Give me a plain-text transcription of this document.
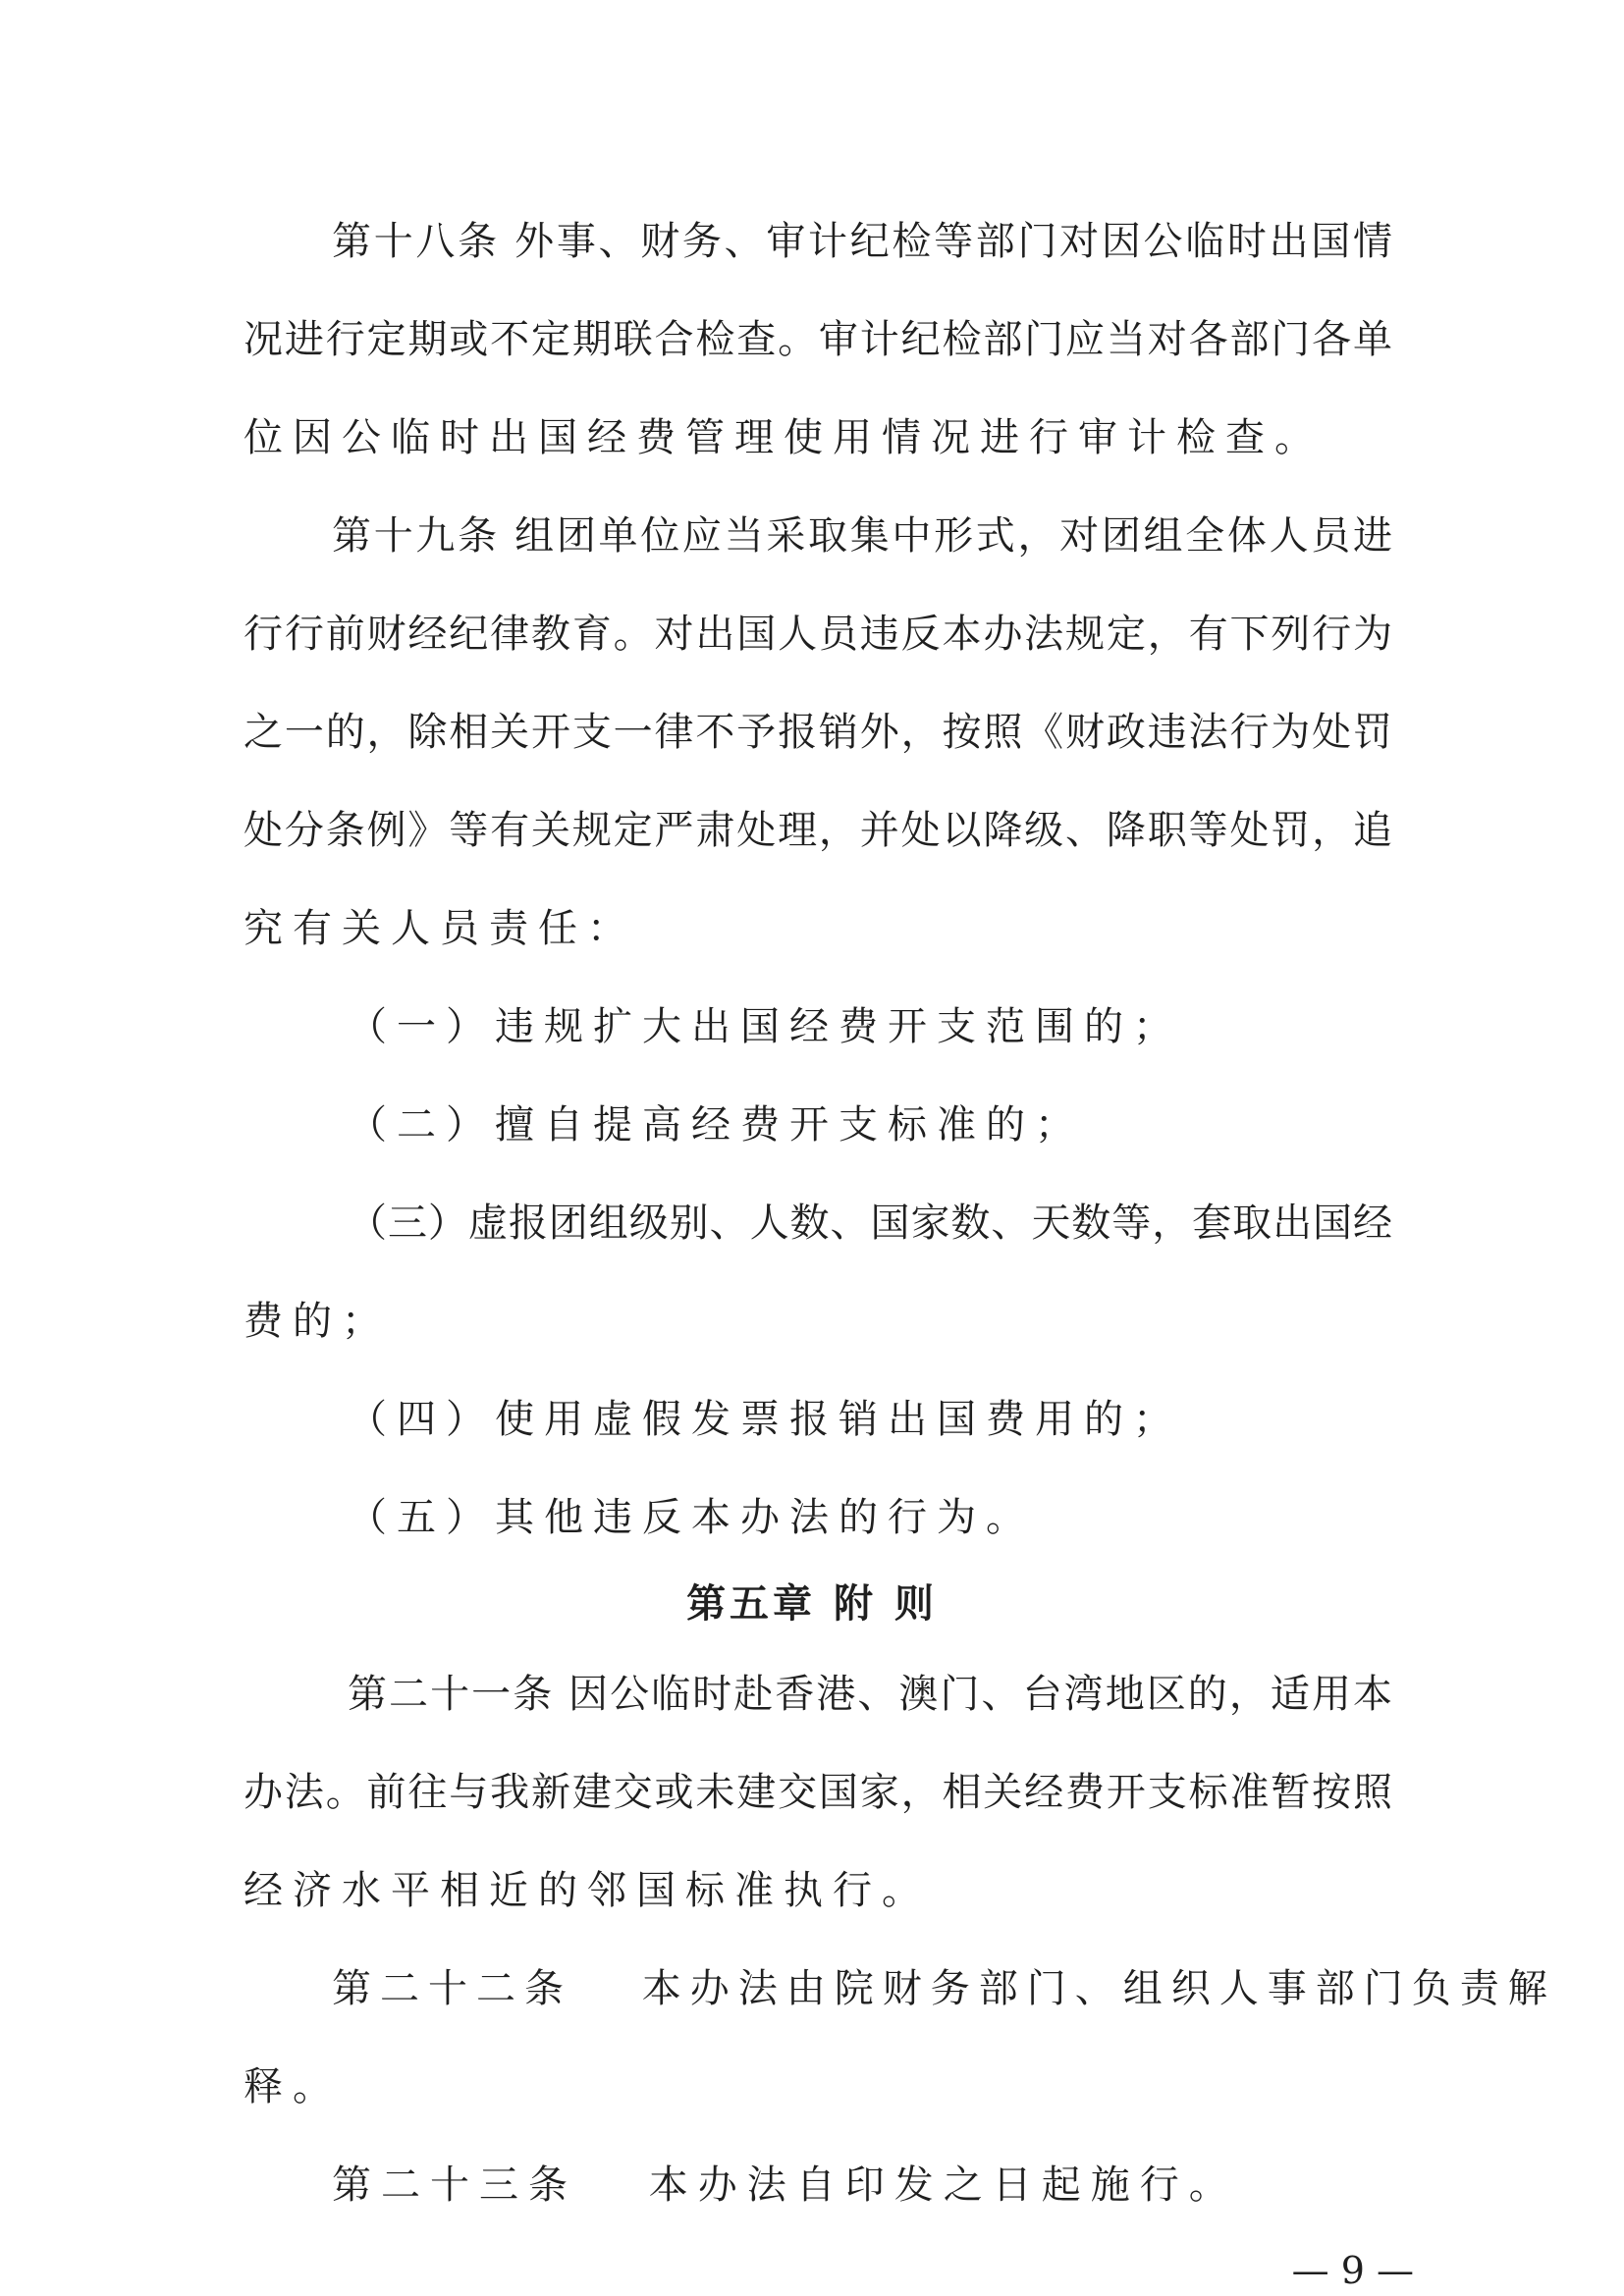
第十八条 外事、财务、审计纪检等部门对因公临时出国情
况进行定期或不定期联合检查。审计纪检部门应当对各部门各单
位因公临时出国经费管理使用情况进行审计检查。
第十九条 组团单位应当采取集中形式，对团组全体人员进
行行前财经纪律教育。对出国人员违反本办法规定，有下列行为
之一的，除相关开支一律不予报销外，按照《财政违法行为处罚
处分条例》等有关规定严肃处理，并处以降级、降职等处罚，追
究有关人员责任：
（一）违规扩大出国经费开支范围的；
（二）擅自提高经费开支标准的；
（三）虚报团组级别、人数、国家数、天数等，套取出国经
费的；
（四）使用虚假发票报销出国费用的；
（五）其他违反本办法的行为。
第五章 附 则
第二十一条 因公临时赴香港、澳门、台湾地区的，适用本
办法。前往与我新建交或未建交国家，相关经费开支标准暂按照
经济水平相近的邻国标准执行。
第二十二条　 本办法由院财务部门、组织人事部门负责解
释。
第二十三条　 本办法自印发之日起施行。
— 9 —
